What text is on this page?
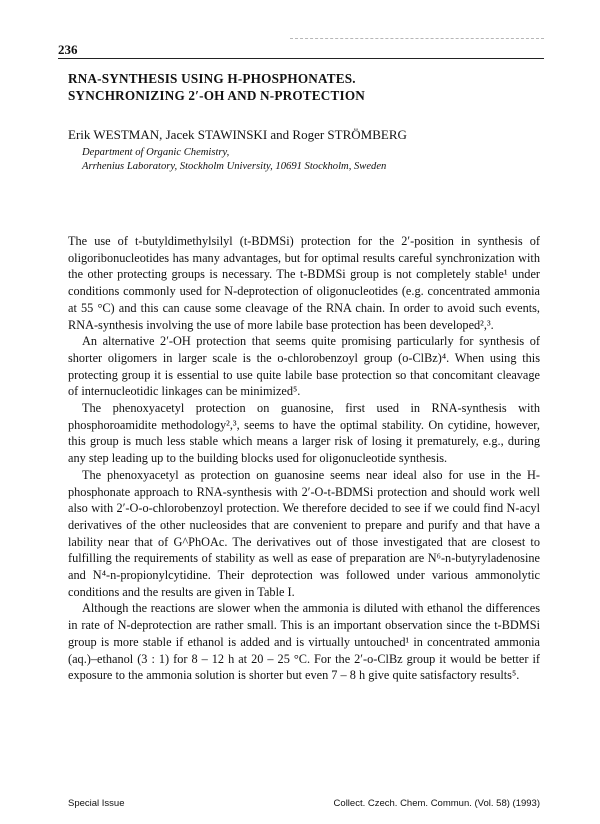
236
RNA-SYNTHESIS USING H-PHOSPHONATES.
SYNCHRONIZING 2′-OH AND N-PROTECTION
Erik WESTMAN, Jacek STAWINSKI and Roger STRÖMBERG
Department of Organic Chemistry,
Arrhenius Laboratory, Stockholm University, 10691 Stockholm, Sweden

The use of t-butyldimethylsilyl (t-BDMSi) protection for the 2′-position in synthesis of oligoribonucleotides has many advantages, but for optimal results careful synchronization with the other protecting groups is necessary. The t-BDMSi group is not completely stable¹ under conditions commonly used for N-deprotection of oligonucleotides (e.g. concentrated ammonia at 55 °C) and this can cause some cleavage of the RNA chain. In order to avoid such events, RNA-synthesis involving the use of more labile base protection has been developed²,³.

An alternative 2′-OH protection that seems quite promising particularly for synthesis of shorter oligomers in larger scale is the o-chlorobenzoyl group (o-ClBz)⁴. When using this protecting group it is essential to use quite labile base protection so that concomitant cleavage of internucleotidic linkages can be minimized⁵.

The phenoxyacetyl protection on guanosine, first used in RNA-synthesis with phosphoroamidite methodology²,³, seems to have the optimal stability. On cytidine, however, this group is much less stable which means a larger risk of losing it prematurely, e.g., during any step leading up to the building blocks used for oligonucleotide synthesis.

The phenoxyacetyl as protection on guanosine seems near ideal also for use in the H-phosphonate approach to RNA-synthesis with 2′-O-t-BDMSi protection and should work well also with 2′-O-o-chlorobenzoyl protection. We therefore decided to see if we could find N-acyl derivatives of the other nucleosides that are convenient to prepare and purify and that have a lability near that of G^PhOAc. The derivatives out of those investigated that are closest to fulfilling the requirements of stability as well as ease of preparation are N⁶-n-butyryladenosine and N⁴-n-propionylcytidine. Their deprotection was followed under various ammonolytic conditions and the results are given in Table I.

Although the reactions are slower when the ammonia is diluted with ethanol the differences in rate of N-deprotection are rather small. This is an important observation since the t-BDMSi group is more stable if ethanol is added and is virtually untouched¹ in concentrated ammonia (aq.)–ethanol (3 : 1) for 8 – 12 h at 20 – 25 °C. For the 2′-o-ClBz group it would be better if exposure to the ammonia solution is shorter but even 7 – 8 h give quite satisfactory results⁵.

Special Issue	Collect. Czech. Chem. Commun. (Vol. 58) (1993)
